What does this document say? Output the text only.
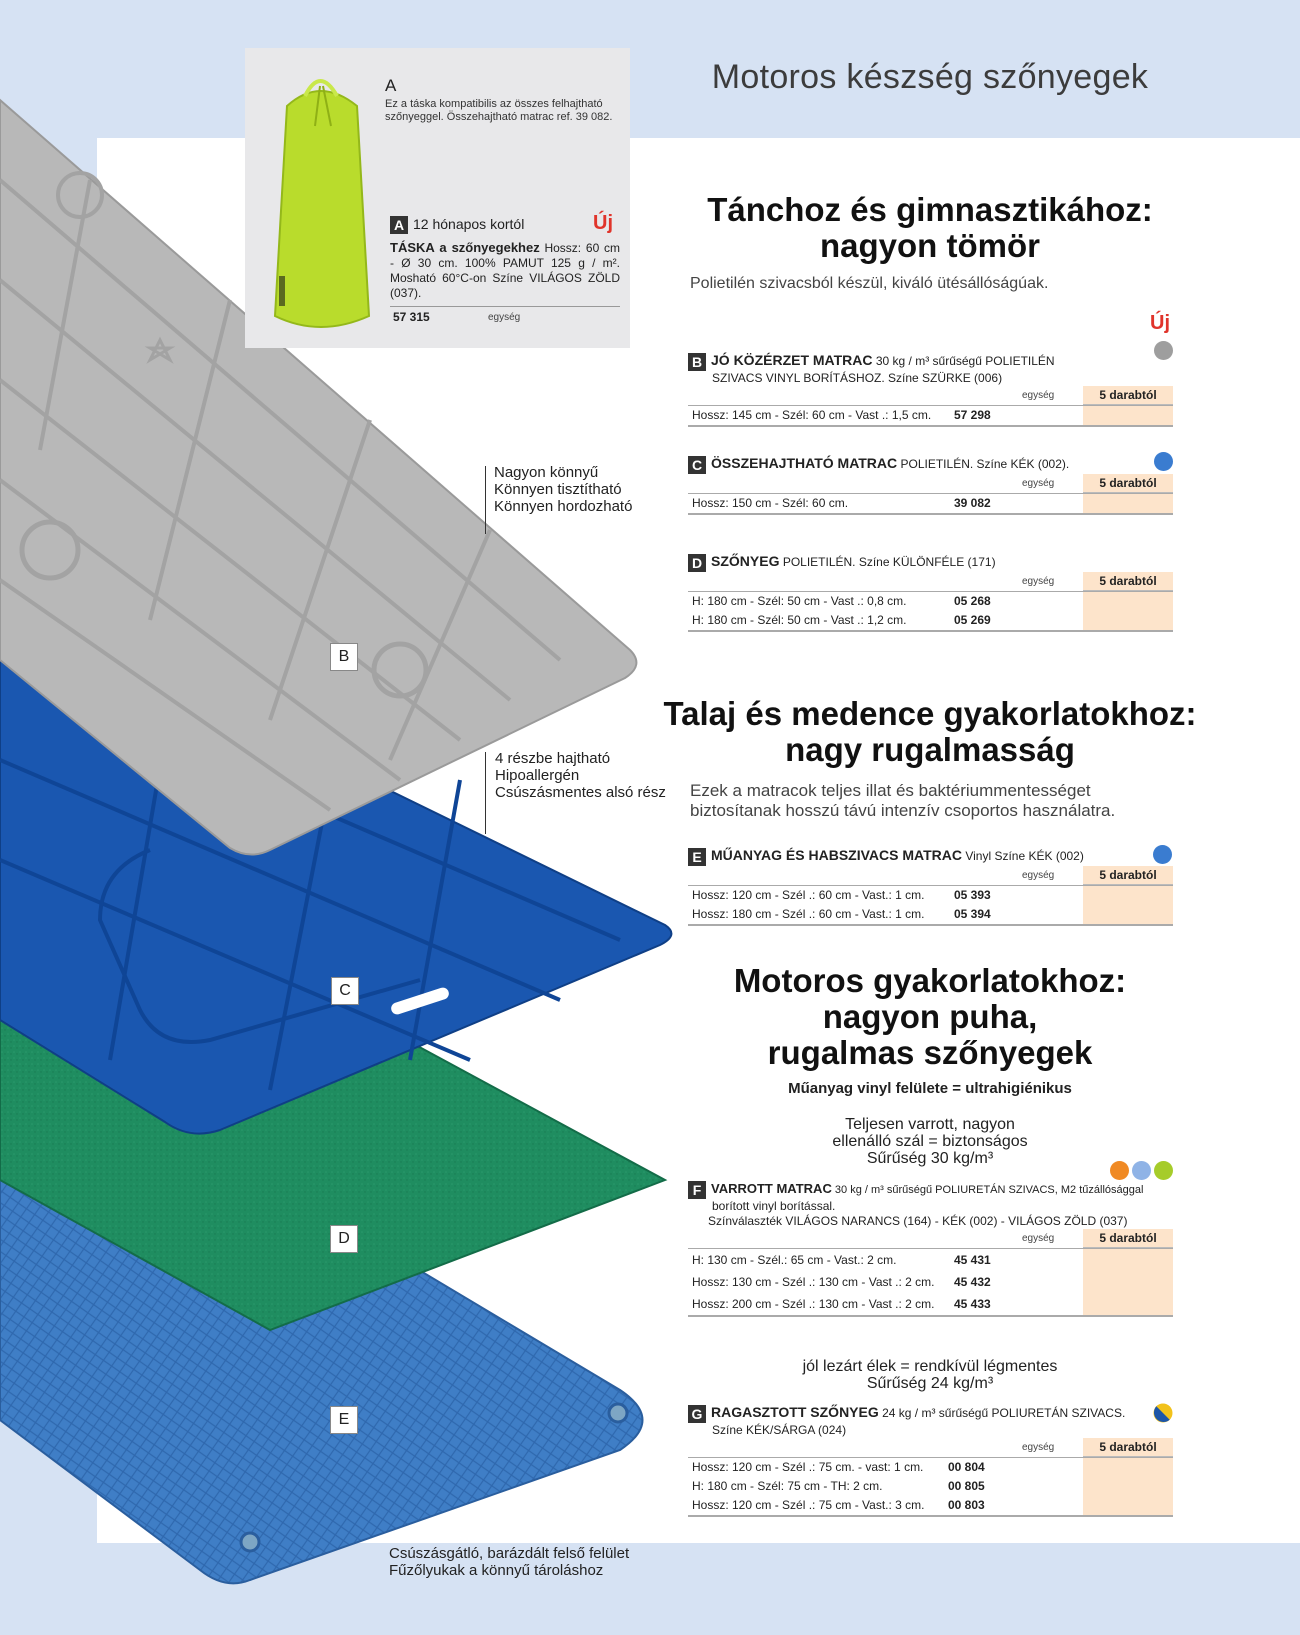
B
C
D
E
Nagyon könnyű
Könnyen tisztítható
Könnyen hordozható
4 részbe hajtható
Hipoallergén
Csúszásmentes alsó rész
Csúszásgátló, barázdált felső felület
Fűzőlyukak a könnyű tároláshoz
Motoros készség szőnyegek
A
Ez a táska kompatibilis az összes felhajtható szőnyeggel. Összehajtható matrac ref. 39 082.
A 12 hónapos kortól	Új
TÁSKA a szőnyegekhez Hossz: 60 cm - Ø 30 cm. 100% PAMUT 125 g / m². Mosható 60°C-on Színe VILÁGOS ZÖLD (037).
57 315	egység
Tánchoz és gimnasztikához:
nagyon tömör
Polietilén szivacsból készül, kiváló ütésállóságúak.
Új
B JÓ KÖZÉRZET MATRAC 30 kg / m³ sűrűségű POLIETILÉN
SZIVACS VINYL BORÍTÁSHOZ. Színe SZÜRKE (006)
egység	5 darabtól
Hossz: 145 cm - Szél: 60 cm - Vast .: 1,5 cm. 57 298
C ÖSSZEHAJTHATÓ MATRAC POLIETILÉN. Színe KÉK (002).
egység	5 darabtól
Hossz: 150 cm - Szél: 60 cm.	39 082
D SZŐNYEG POLIETILÉN. Színe KÜLÖNFÉLE (171)
egység	5 darabtól
H: 180 cm - Szél: 50 cm - Vast .: 0,8 cm.	05 268
H: 180 cm - Szél: 50 cm - Vast .: 1,2 cm.	05 269
Talaj és medence gyakorlatokhoz:
nagy rugalmasság
Ezek a matracok teljes illat és baktériummentességet
biztosítanak hosszú távú intenzív csoportos használatra.
E MŰANYAG ÉS HABSZIVACS MATRAC Vinyl Színe KÉK (002)
egység	5 darabtól
Hossz: 120 cm - Szél .: 60 cm - Vast.: 1 cm. 05 393
Hossz: 180 cm - Szél .: 60 cm - Vast.: 1 cm. 05 394
Motoros gyakorlatokhoz:
nagyon puha,
rugalmas szőnyegek
Műanyag vinyl felülete = ultrahigiénikus
Teljesen varrott, nagyon
ellenálló szál = biztonságos
Sűrűség 30 kg/m³
F VARROTT MATRAC 30 kg / m³ sűrűségű POLIURETÁN SZIVACS, M2 tűzállósággal
borított vinyl borítással.
Színválaszték VILÁGOS NARANCS (164) - KÉK (002) - VILÁGOS ZÖLD (037)
egység	5 darabtól
H: 130 cm - Szél.: 65 cm - Vast.: 2 cm.	45 431
Hossz: 130 cm - Szél .: 130 cm - Vast .: 2 cm. 45 432
Hossz: 200 cm - Szél .: 130 cm - Vast .: 2 cm. 45 433
jól lezárt élek = rendkívül légmentes
Sűrűség 24 kg/m³
G RAGASZTOTT SZŐNYEG 24 kg / m³ sűrűségű POLIURETÁN SZIVACS.
Színe KÉK/SÁRGA (024)
egység	5 darabtól
Hossz: 120 cm - Szél .: 75 cm. - vast: 1 cm. 00 804
H: 180 cm - Szél: 75 cm - TH: 2 cm.	00 805
Hossz: 120 cm - Szél .: 75 cm - Vast.: 3 cm. 00 803
